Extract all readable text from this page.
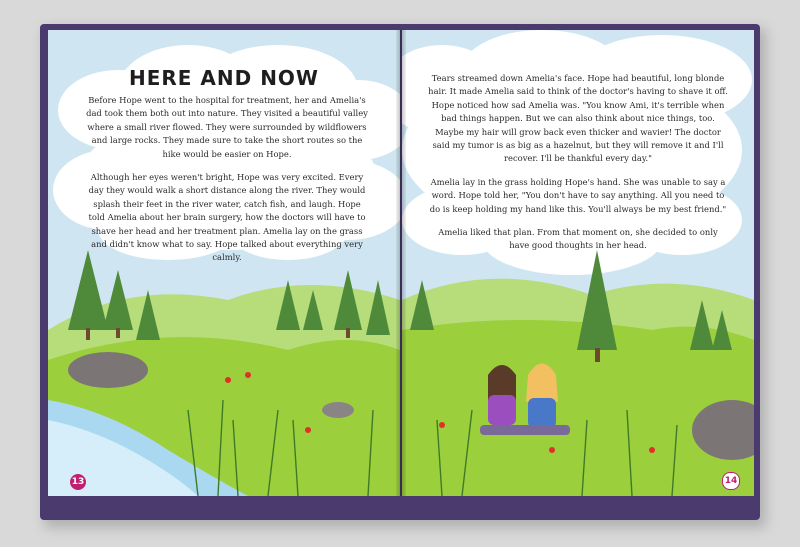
HERE AND NOW

Before Hope went to the hospital for treatment, her and Amelia's dad took them both out into nature. They visited a beautiful valley where a small river flowed. They were surrounded by wildflowers and large rocks. They made sure to take the short routes so the hike would be easier on Hope.

Although her eyes weren't bright, Hope was very excited. Every day they would walk a short distance along the river. They would splash their feet in the river water, catch fish, and laugh. Hope told Amelia about her brain surgery, how the doctors will have to shave her head and her treatment plan. Amelia lay on the grass and didn't know what to say. Hope talked about everything very calmly.

13

Tears streamed down Amelia's face. Hope had beautiful, long blonde hair. It made Amelia said to think of the doctor's having to shave it off. Hope noticed how sad Amelia was. "You know Ami, it's terrible when bad things happen. But we can also think about nice things, too. Maybe my hair will grow back even thicker and wavier! The doctor said my tumor is as big as a hazelnut, but they will remove it and I'll recover. I'll be thankful every day."

Amelia lay in the grass holding Hope's hand. She was unable to say a word. Hope told her, "You don't have to say anything. All you need to do is keep holding my hand like this. You'll always be my best friend."

Amelia liked that plan. From that moment on, she decided to only have good thoughts in her head.

14
